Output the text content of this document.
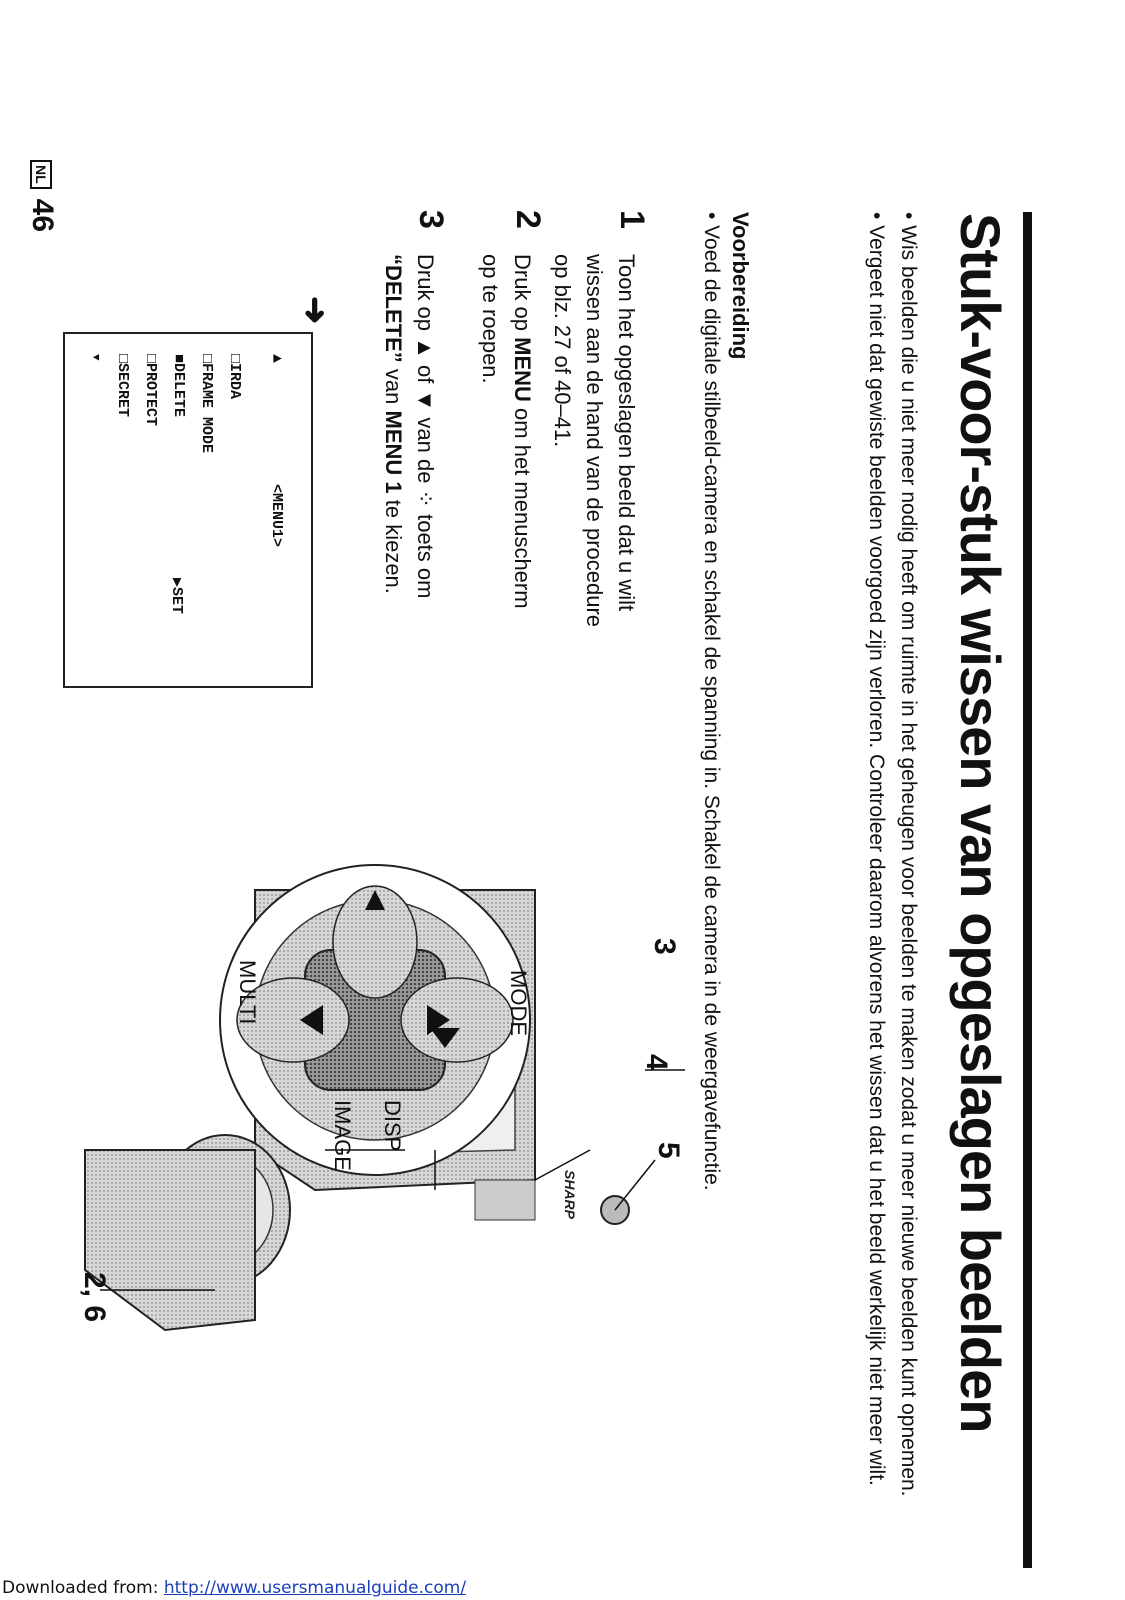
Stuk-voor-stuk wissen van opgeslagen beelden

• Wis beelden die u niet meer nodig heeft om ruimte in het geheugen voor beelden te maken zodat u meer nieuwe beelden kunt opnemen.

• Vergeet niet dat gewiste beelden voorgoed zijn verloren. Controleer daarom alvorens het wissen dat u het beeld werkelijk niet meer wilt.

Voorbereiding

• Voed de digitale stilbeeld-camera en schakel de spanning in. Schakel de camera in de weergavefunctie.

1
Toon het opgeslagen beeld dat u wilt wissen aan de hand van de procedure op blz. 27 of 40–41.
2
Druk op MENU om het menuscherm op te roepen.
3
Druk op ▲ of ▼ van de ⁘ toets om “DELETE” van MENU 1 te kiezen.
➜
▲
<MENU1>
□IRDA
□FRAME MODE
■DELETE
▶SET
□PROTECT
□SECRET
▼
NL46
MODE
DISP
IMAGE
MULTI
SHARP
2, 6
4
5
3
Downloaded from: http://www.usersmanualguide.com/
